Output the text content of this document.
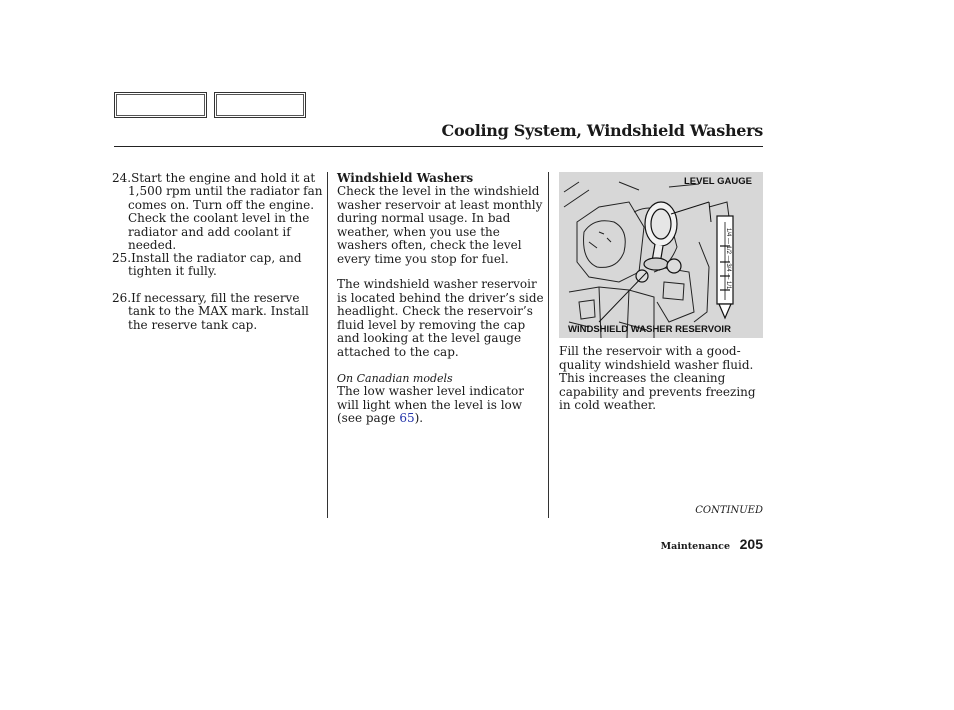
Cooling System, Windshield Washers
24.Start the engine and hold it at 1,500 rpm until the radiator fan comes on. Turn off the engine. Check the coolant level in the radiator and add coolant if needed.
25.Install the radiator cap, and tighten it fully.
26.If necessary, fill the reserve tank to the MAX mark. Install the reserve tank cap.
Windshield Washers
Check the level in the windshield washer reservoir at least monthly during normal usage. In bad weather, when you use the washers often, check the level every time you stop for fuel.
The windshield washer reservoir is located behind the driver’s side headlight. Check the reservoir’s fluid level by removing the cap and looking at the level gauge attached to the cap.
On Canadian models
The low washer level indicator will light when the level is low (see page 65).
1/4 — 1/2 — 3/4 — 1/1
LEVEL GAUGE
WINDSHIELD WASHER RESERVOIR
Fill the reservoir with a good-quality windshield washer fluid. This increases the cleaning capability and prevents freezing in cold weather.
CONTINUED
Maintenance 205
